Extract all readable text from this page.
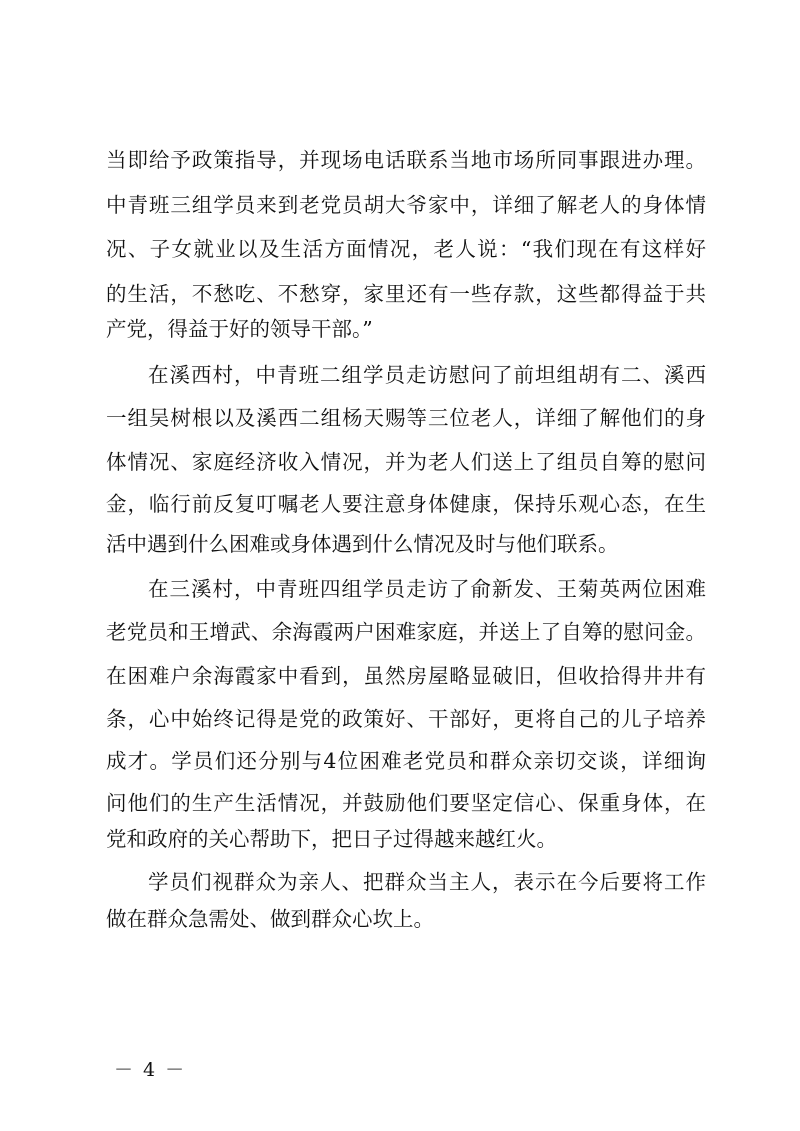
当即给予政策指导，并现场电话联系当地市场所同事跟进办理。
中青班三组学员来到老党员胡大爷家中，详细了解老人的身体情
况、子女就业以及生活方面情况，老人说：“我们现在有这样好
的生活，不愁吃、不愁穿，家里还有一些存款，这些都得益于共
产党，得益于好的领导干部。”
在溪西村，中青班二组学员走访慰问了前坦组胡有二、溪西
一组吴树根以及溪西二组杨天赐等三位老人，详细了解他们的身
体情况、家庭经济收入情况，并为老人们送上了组员自筹的慰问
金，临行前反复叮嘱老人要注意身体健康，保持乐观心态，在生
活中遇到什么困难或身体遇到什么情况及时与他们联系。
在三溪村，中青班四组学员走访了俞新发、王菊英两位困难
老党员和王增武、余海霞两户困难家庭，并送上了自筹的慰问金。
在困难户余海霞家中看到，虽然房屋略显破旧，但收拾得井井有
条，心中始终记得是党的政策好、干部好，更将自己的儿子培养
成才。学员们还分别与4位困难老党员和群众亲切交谈，详细询
问他们的生产生活情况，并鼓励他们要坚定信心、保重身体，在
党和政府的关心帮助下，把日子过得越来越红火。
学员们视群众为亲人、把群众当主人，表示在今后要将工作
做在群众急需处、做到群众心坎上。
－ 4 －
